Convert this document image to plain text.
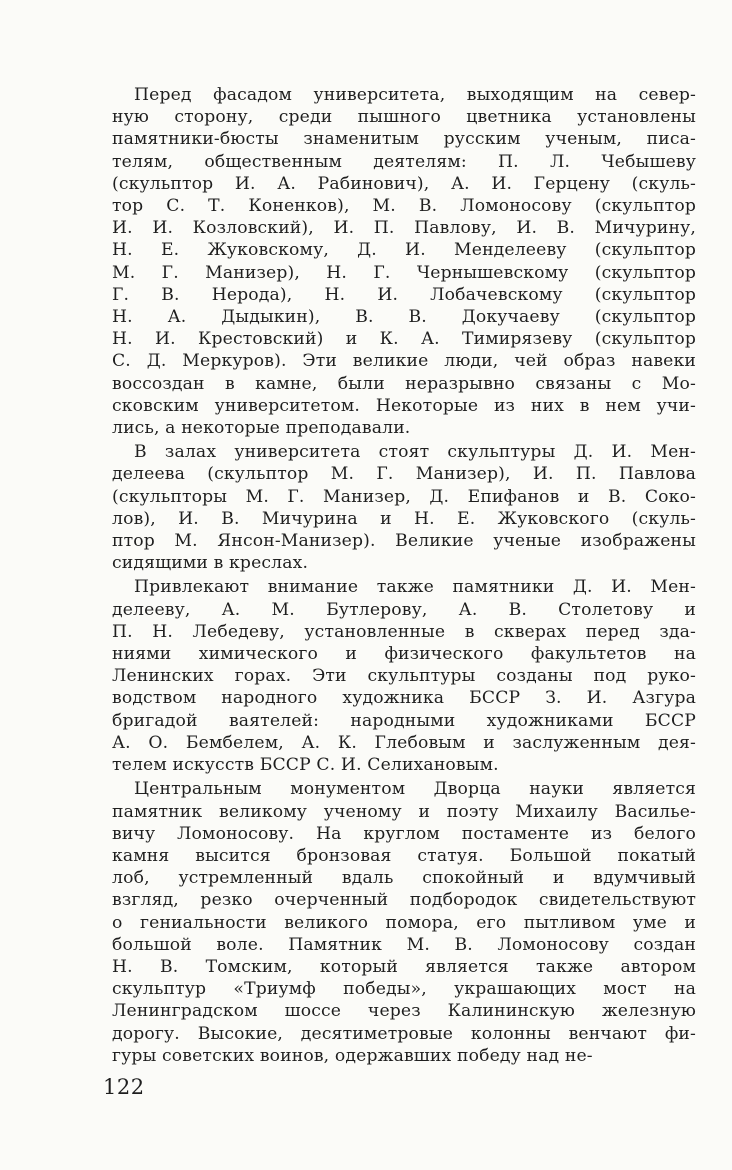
Перед фасадом университета, выходящим на север-
ную сторону, среди пышного цветника установлены
памятники-бюсты знаменитым русским ученым, писа-
телям, общественным деятелям: П. Л. Чебышеву
(скульптор И. А. Рабинович), А. И. Герцену (скуль-
тор С. Т. Коненков), М. В. Ломоносову (скульптор
И. И. Козловский), И. П. Павлову, И. В. Мичурину,
Н. Е. Жуковскому, Д. И. Менделееву (скульптор
М. Г. Манизер), Н. Г. Чернышевскому (скульптор
Г. В. Нерода), Н. И. Лобачевскому (скульптор
Н. А. Дыдыкин), В. В. Докучаеву (скульптор
Н. И. Крестовский) и К. А. Тимирязеву (скульптор
С. Д. Меркуров). Эти великие люди, чей образ навеки
воссоздан в камне, были неразрывно связаны с Мо-
сковским университетом. Некоторые из них в нем учи-
лись, а некоторые преподавали.
В залах университета стоят скульптуры Д. И. Мен-
делеева (скульптор М. Г. Манизер), И. П. Павлова
(скульпторы М. Г. Манизер, Д. Епифанов и В. Соко-
лов), И. В. Мичурина и Н. Е. Жуковского (скуль-
птор М. Янсон-Манизер). Великие ученые изображены
сидящими в креслах.
Привлекают внимание также памятники Д. И. Мен-
делееву, А. М. Бутлерову, А. В. Столетову и
П. Н. Лебедеву, установленные в скверах перед зда-
ниями химического и физического факультетов на
Ленинских горах. Эти скульптуры созданы под руко-
водством народного художника БССР З. И. Азгура
бригадой ваятелей: народными художниками БССР
А. О. Бембелем, А. К. Глебовым и заслуженным дея-
телем искусств БССР С. И. Селихановым.
Центральным монументом Дворца науки является
памятник великому ученому и поэту Михаилу Василье-
вичу Ломоносову. На круглом постаменте из белого
камня высится бронзовая статуя. Большой покатый
лоб, устремленный вдаль спокойный и вдумчивый
взгляд, резко очерченный подбородок свидетельствуют
о гениальности великого помора, его пытливом уме и
большой воле. Памятник М. В. Ломоносову создан
Н. В. Томским, который является также автором
скульптур «Триумф победы», украшающих мост на
Ленинградском шоссе через Калининскую железную
дорогу. Высокие, десятиметровые колонны венчают фи-
гуры советских воинов, одержавших победу над не-
122
